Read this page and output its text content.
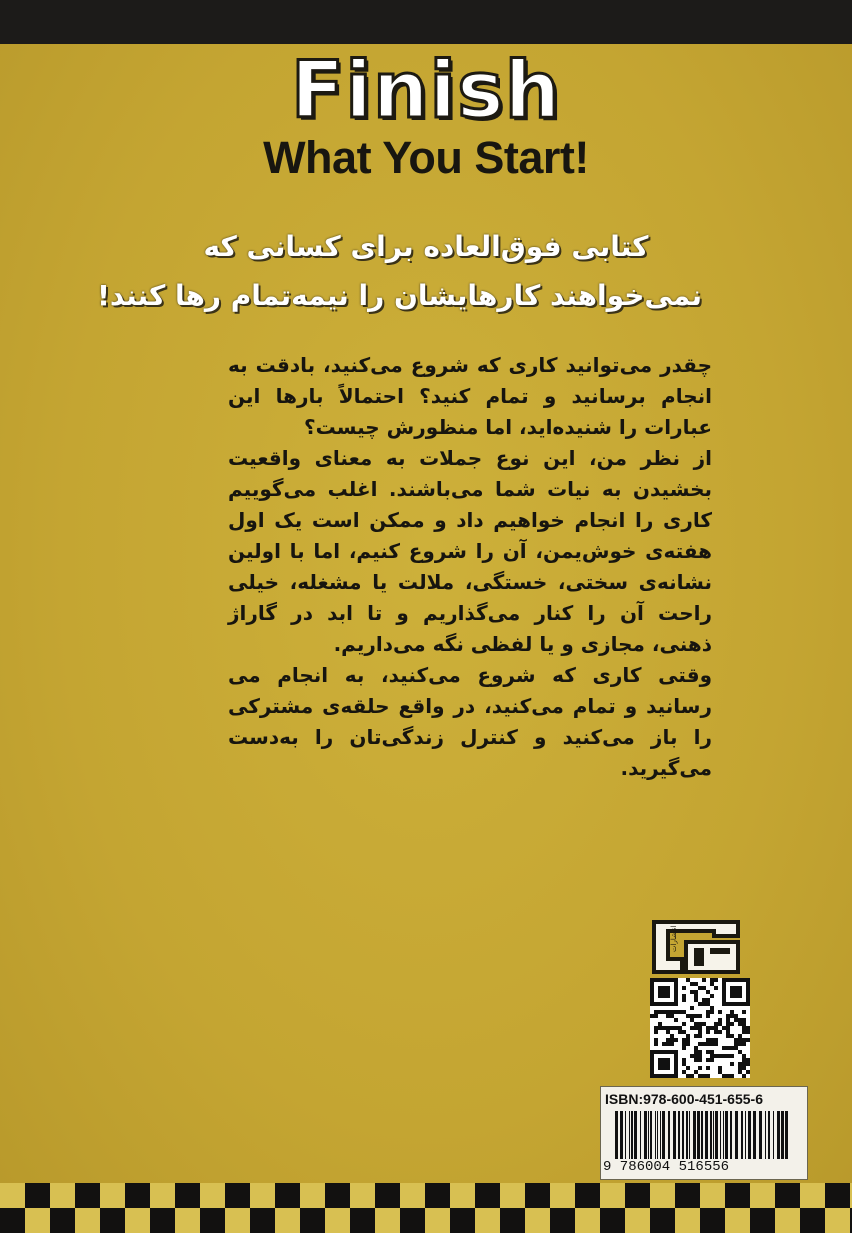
Finish
What You Start!
کتابی فوق‌العاده برای کسانی که
نمی‌خواهند کارهایشان را نیمه‌تمام رها کنند!

چقدر می‌توانید کاری که شروع می‌کنید، بادقت به انجام برسانید و تمام کنید؟ احتمالاً بارها این عبارات را شنیده‌اید، اما منظورش چیست؟

از نظر من، این نوع جملات به معنای واقعیت بخشیدن به نیات شما می‌باشند. اغلب می‌گوییم کاری را انجام خواهیم داد و ممکن است یک اول هفته‌ی خوش‌یمن، آن را شروع کنیم، اما با اولین نشانه‌ی سختی، خستگی، ملالت یا مشغله، خیلی راحت آن را کنار می‌گذاریم و تا ابد در گاراژ ذهنی، مجازی و یا لفظی نگه می‌داریم.

وقتی کاری که شروع می‌کنید، به انجام می رسانید و تمام می‌کنید، در واقع حلقه‌ی مشترکی را باز می‌کنید و کنترل زندگی‌تان را به‌دست می‌گیرید.

انتشارات
ISBN:978-600-451-655-6
9 786004 516556
